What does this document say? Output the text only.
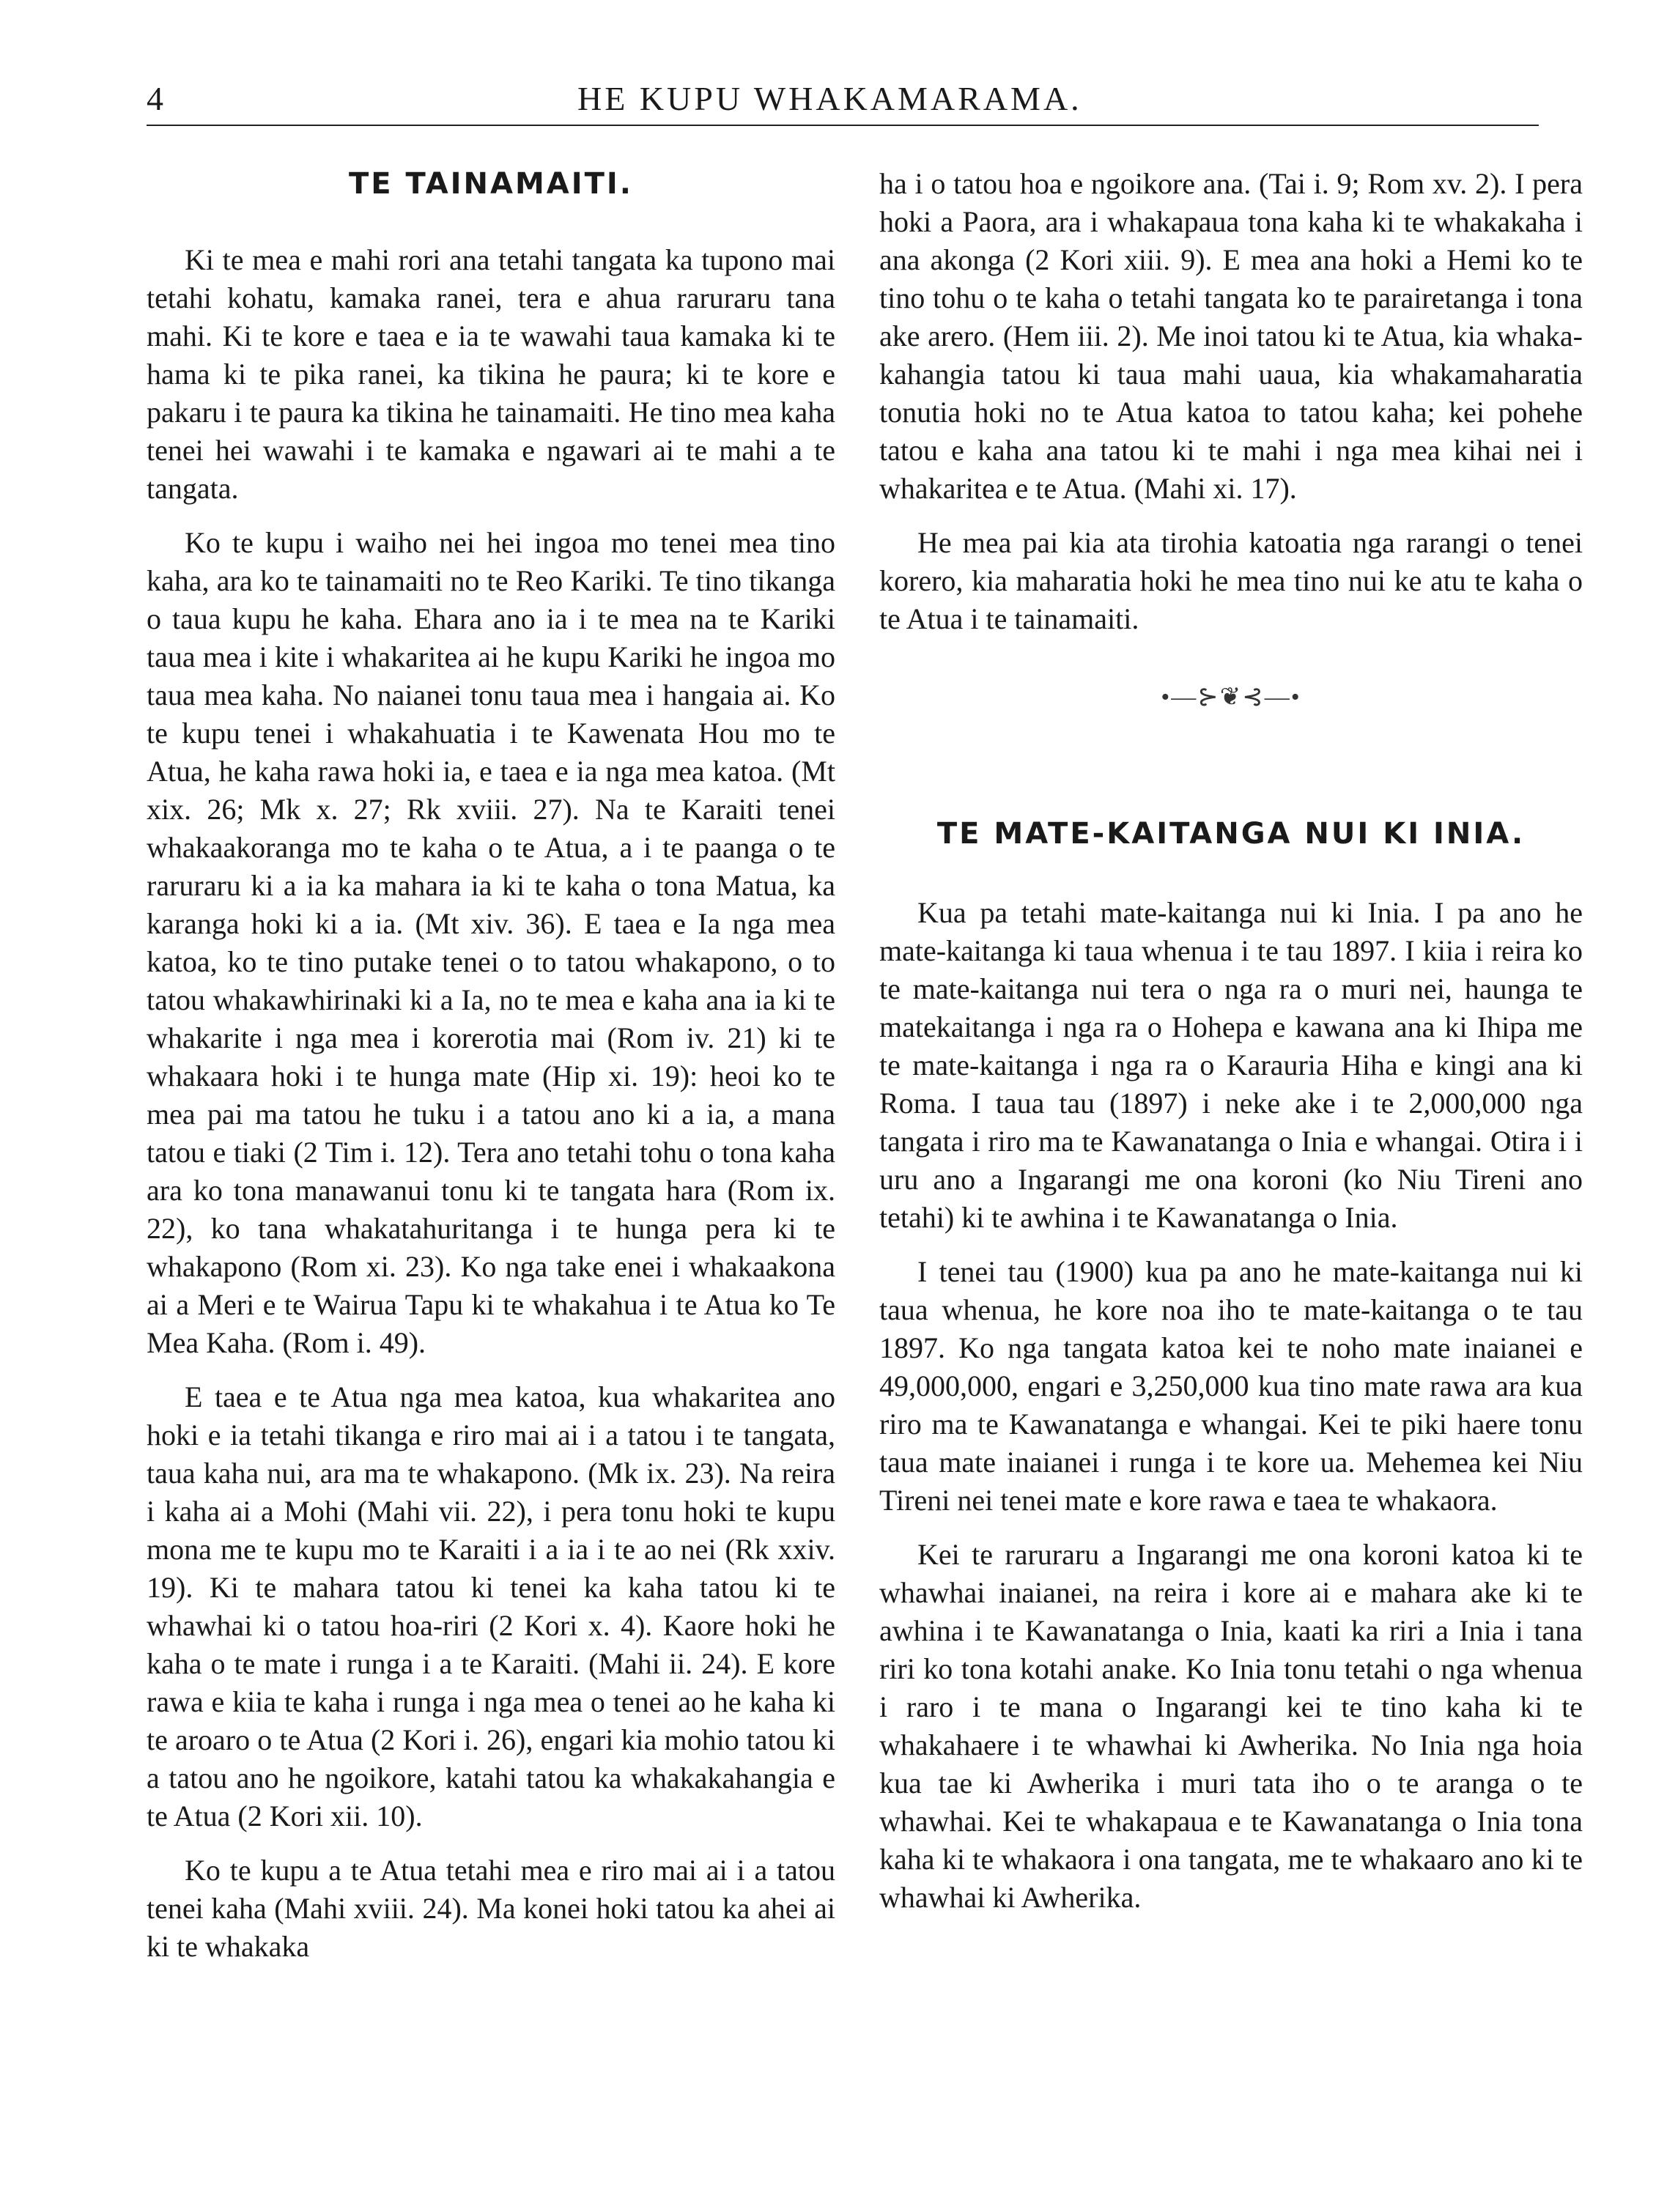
4	HE KUPU WHAKAMARAMA.
TE TAINAMAITI.

Ki te mea e mahi rori ana tetahi tangata ka tupono mai tetahi kohatu, kamaka ranei, tera e ahua raruraru tana mahi. Ki te kore e taea e ia te wawahi taua kamaka ki te hama ki te pika ranei, ka tikina he paura; ki te kore e pakaru i te paura ka tikina he tainamaiti. He tino mea kaha tenei hei wawahi i te kamaka e ngawari ai te mahi a te tangata.

Ko te kupu i waiho nei hei ingoa mo tenei mea tino kaha, ara ko te tainamaiti no te Reo Kariki. Te tino tikanga o taua kupu he kaha. Ehara ano ia i te mea na te Kariki taua mea i kite i whakaritea ai he kupu Kariki he ingoa mo taua mea kaha. No naianei tonu taua mea i hangaia ai. Ko te kupu tenei i whakahuatia i te Kawenata Hou mo te Atua, he kaha rawa hoki ia, e taea e ia nga mea katoa. (Mt xix. 26; Mk x. 27; Rk xviii. 27). Na te Karaiti tenei whakaakoranga mo te kaha o te Atua, a i te paanga o te raruraru ki a ia ka mahara ia ki te kaha o tona Matua, ka karanga hoki ki a ia. (Mt xiv. 36). E taea e Ia nga mea katoa, ko te tino putake tenei o to tatou whakapono, o to tatou whakawhirinaki ki a Ia, no te mea e kaha ana ia ki te whakarite i nga mea i korerotia mai (Rom iv. 21) ki te whakaara hoki i te hunga mate (Hip xi. 19): heoi ko te mea pai ma tatou he tuku i a tatou ano ki a ia, a mana tatou e tiaki (2 Tim i. 12). Tera ano tetahi tohu o tona kaha ara ko tona manawanui tonu ki te tangata hara (Rom ix. 22), ko tana whakatahuritanga i te hunga pera ki te whakapono (Rom xi. 23). Ko nga take enei i whakaakona ai a Meri e te Wairua Tapu ki te whakahua i te Atua ko Te Mea Kaha. (Rom i. 49).

E taea e te Atua nga mea katoa, kua whakaritea ano hoki e ia tetahi tikanga e riro mai ai i a tatou i te tangata, taua kaha nui, ara ma te whakapono. (Mk ix. 23). Na reira i kaha ai a Mohi (Mahi vii. 22), i pera tonu hoki te kupu mona me te kupu mo te Karaiti i a ia i te ao nei (Rk xxiv. 19). Ki te mahara tatou ki tenei ka kaha tatou ki te whawhai ki o tatou hoa-riri (2 Kori x. 4). Kaore hoki he kaha o te mate i runga i a te Karaiti. (Mahi ii. 24). E kore rawa e kiia te kaha i runga i nga mea o tenei ao he kaha ki te aroaro o te Atua (2 Kori i. 26), engari kia mohio tatou ki a tatou ano he ngoikore, katahi tatou ka whakakahangia e te Atua (2 Kori xii. 10).

Ko te kupu a te Atua tetahi mea e riro mai ai i a tatou tenei kaha (Mahi xviii. 24). Ma konei hoki tatou ka ahei ai ki te whakaka

ha i o tatou hoa e ngoikore ana. (Tai i. 9; Rom xv. 2). I pera hoki a Paora, ara i whakapaua tona kaha ki te whakakaha i ana akonga (2 Kori xiii. 9). E mea ana hoki a Hemi ko te tino tohu o te kaha o tetahi tangata ko te parairetanga i tona ake arero. (Hem iii. 2). Me inoi tatou ki te Atua, kia whakakahangia tatou ki taua mahi uaua, kia whakamaharatia tonutia hoki no te Atua katoa to tatou kaha; kei pohehe tatou e kaha ana tatou ki te mahi i nga mea kihai nei i whakaritea e te Atua. (Mahi xi. 17).

He mea pai kia ata tirohia katoatia nga rarangi o tenei korero, kia maharatia hoki he mea tino nui ke atu te kaha o te Atua i te tainamaiti.

•—⊱❦⊰—•
TE MATE-KAITANGA NUI KI INIA.

Kua pa tetahi mate-kaitanga nui ki Inia. I pa ano he mate-kaitanga ki taua whenua i te tau 1897. I kiia i reira ko te mate-kaitanga nui tera o nga ra o muri nei, haunga te matekaitanga i nga ra o Hohepa e kawana ana ki Ihipa me te mate-kaitanga i nga ra o Karauria Hiha e kingi ana ki Roma. I taua tau (1897) i neke ake i te 2,000,000 nga tangata i riro ma te Kawanatanga o Inia e whangai. Otira i i uru ano a Ingarangi me ona koroni (ko Niu Tireni ano tetahi) ki te awhina i te Kawanatanga o Inia.

I tenei tau (1900) kua pa ano he mate-kaitanga nui ki taua whenua, he kore noa iho te mate-kaitanga o te tau 1897. Ko nga tangata katoa kei te noho mate inaianei e 49,000,000, engari e 3,250,000 kua tino mate rawa ara kua riro ma te Kawanatanga e whangai. Kei te piki haere tonu taua mate inaianei i runga i te kore ua. Mehemea kei Niu Tireni nei tenei mate e kore rawa e taea te whakaora.

Kei te raruraru a Ingarangi me ona koroni katoa ki te whawhai inaianei, na reira i kore ai e mahara ake ki te awhina i te Kawanatanga o Inia, kaati ka riri a Inia i tana riri ko tona kotahi anake. Ko Inia tonu tetahi o nga whenua i raro i te mana o Ingarangi kei te tino kaha ki te whakahaere i te whawhai ki Awherika. No Inia nga hoia kua tae ki Awherika i muri tata iho o te aranga o te whawhai. Kei te whakapaua e te Kawanatanga o Inia tona kaha ki te whakaora i ona tangata, me te whakaaro ano ki te whawhai ki Awherika.
